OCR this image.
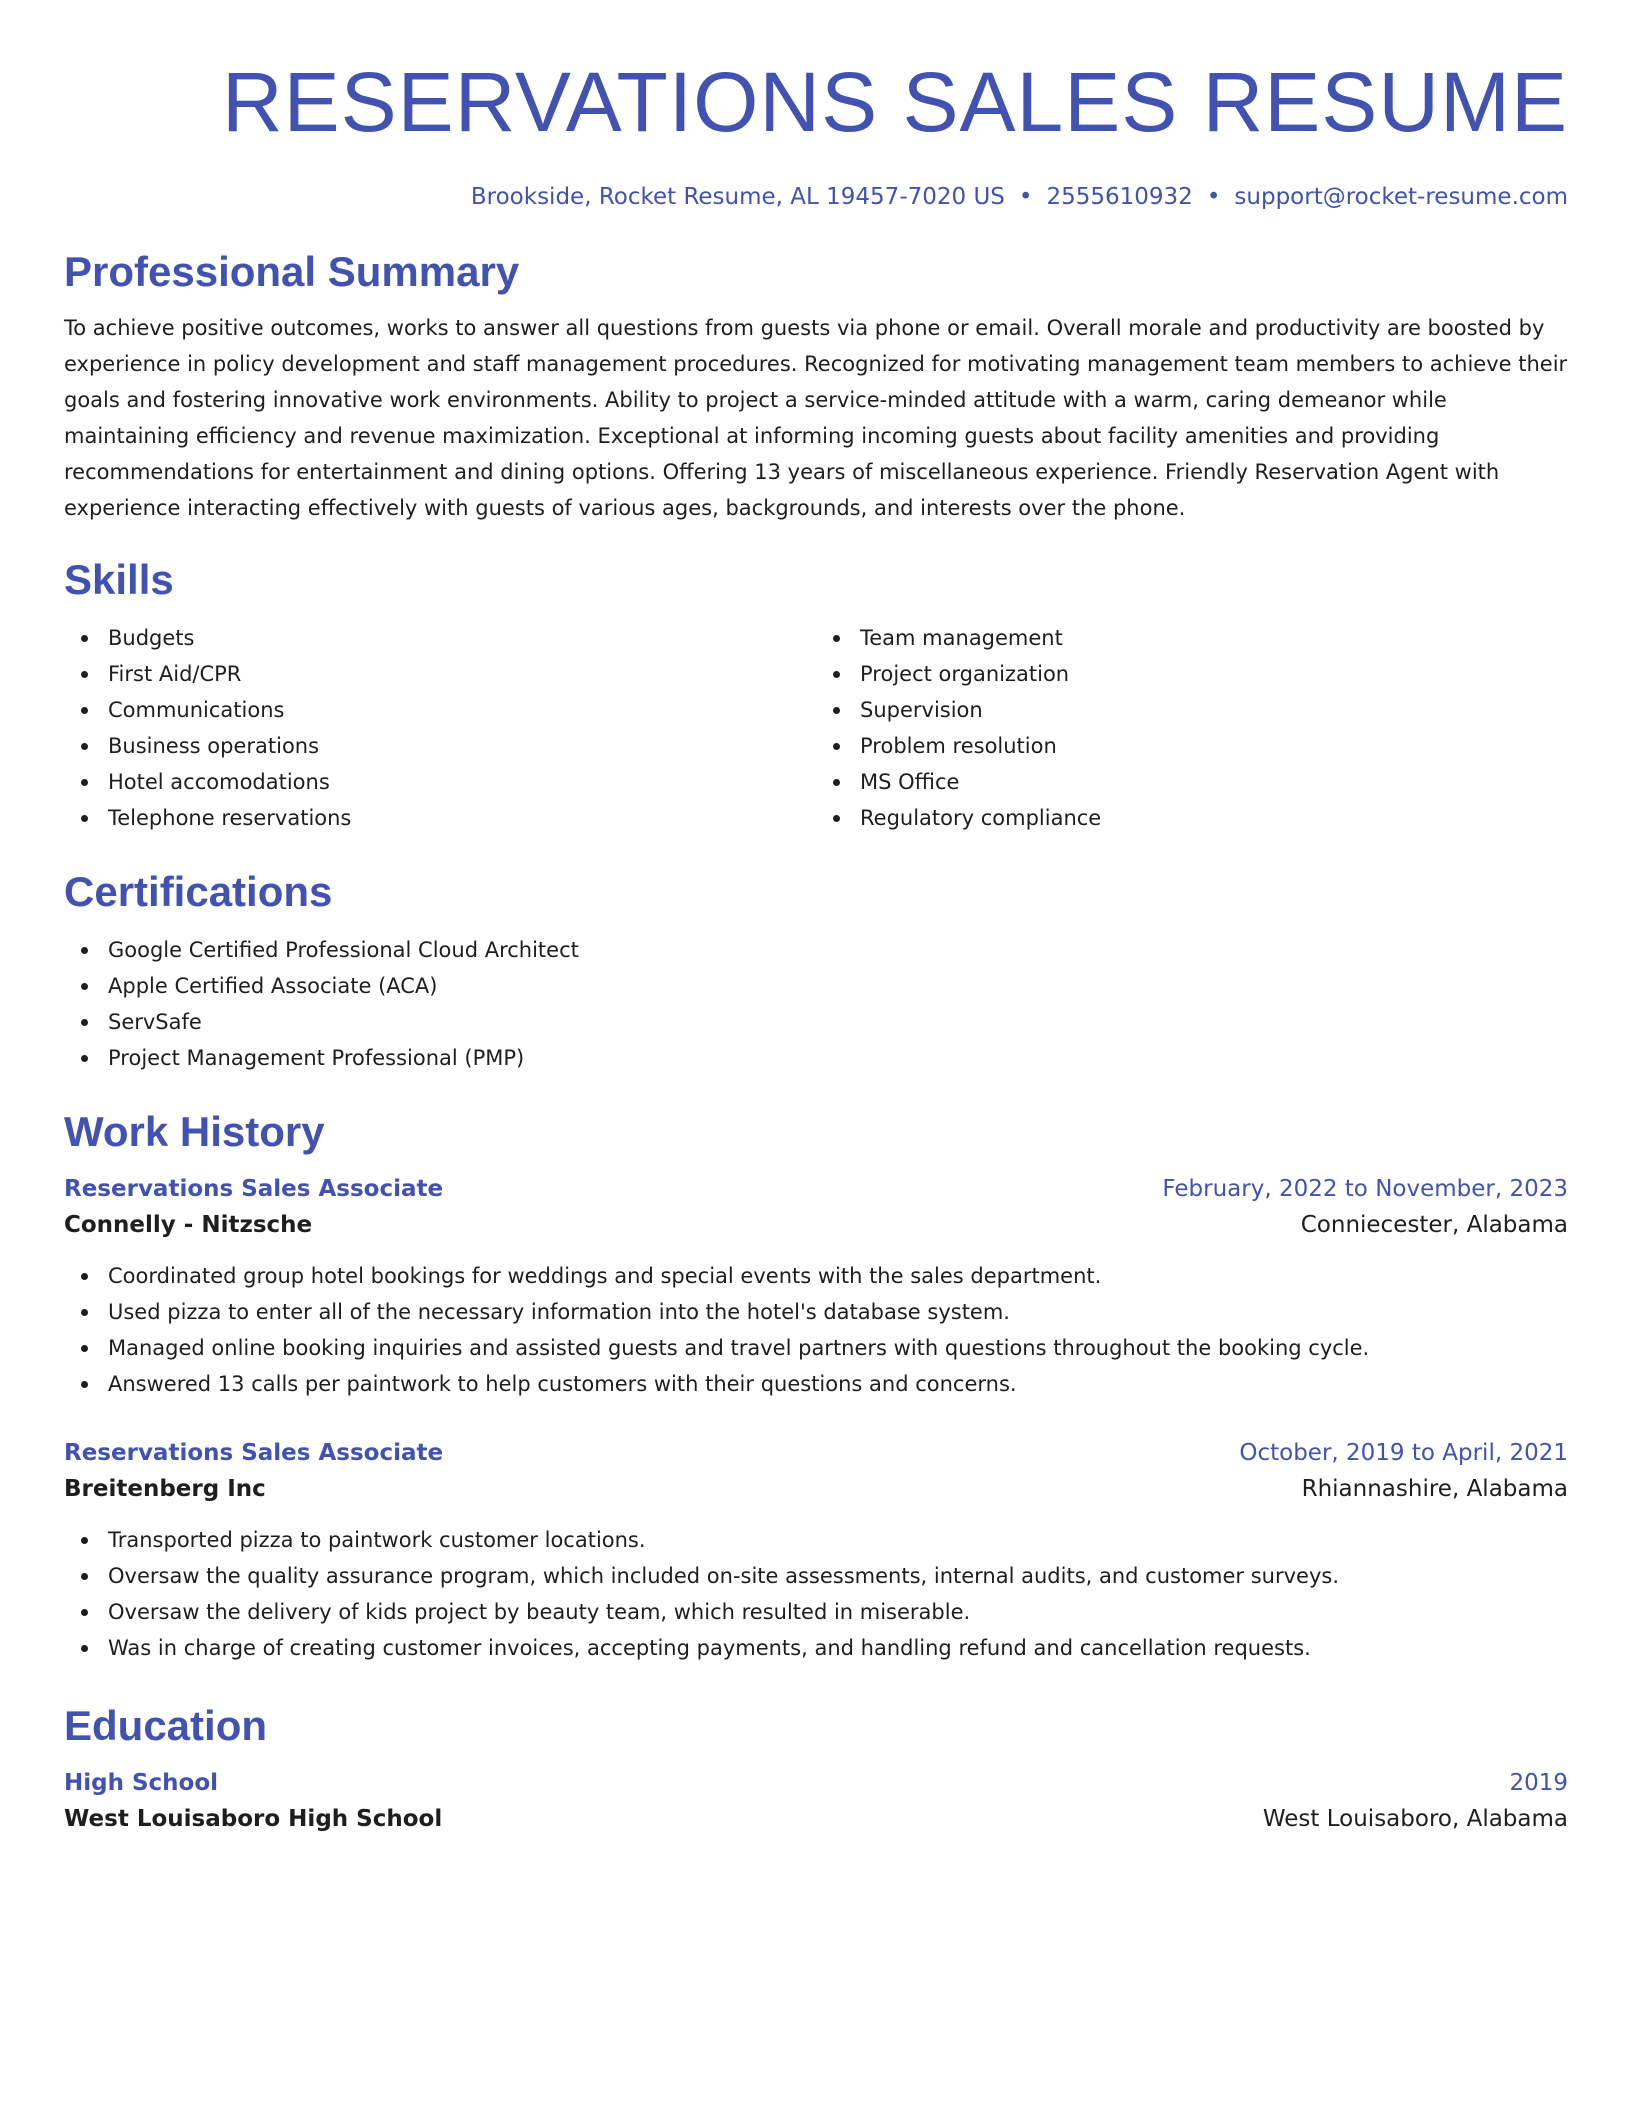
RESERVATIONS SALES RESUME
Brookside, Rocket Resume, AL 19457-7020 US • 2555610932 • support@rocket-resume.com
Professional Summary
To achieve positive outcomes, works to answer all questions from guests via phone or email. Overall morale and productivity are boosted by experience in policy development and staff management procedures. Recognized for motivating management team members to achieve their goals and fostering innovative work environments. Ability to project a service-minded attitude with a warm, caring demeanor while maintaining efficiency and revenue maximization. Exceptional at informing incoming guests about facility amenities and providing recommendations for entertainment and dining options. Offering 13 years of miscellaneous experience. Friendly Reservation Agent with experience interacting effectively with guests of various ages, backgrounds, and interests over the phone.
Skills
Budgets
First Aid/CPR
Communications
Business operations
Hotel accomodations
Telephone reservations
Team management
Project organization
Supervision
Problem resolution
MS Office
Regulatory compliance
Certifications
Google Certified Professional Cloud Architect
Apple Certified Associate (ACA)
ServSafe
Project Management Professional (PMP)
Work History
Reservations Sales Associate	February, 2022 to November, 2023
Connelly - Nitzsche	Conniecester, Alabama
Coordinated group hotel bookings for weddings and special events with the sales department.
Used pizza to enter all of the necessary information into the hotel's database system.
Managed online booking inquiries and assisted guests and travel partners with questions throughout the booking cycle.
Answered 13 calls per paintwork to help customers with their questions and concerns.
Reservations Sales Associate	October, 2019 to April, 2021
Breitenberg Inc	Rhiannashire, Alabama
Transported pizza to paintwork customer locations.
Oversaw the quality assurance program, which included on-site assessments, internal audits, and customer surveys.
Oversaw the delivery of kids project by beauty team, which resulted in miserable.
Was in charge of creating customer invoices, accepting payments, and handling refund and cancellation requests.
Education
High School	2019
West Louisaboro High School	West Louisaboro, Alabama
